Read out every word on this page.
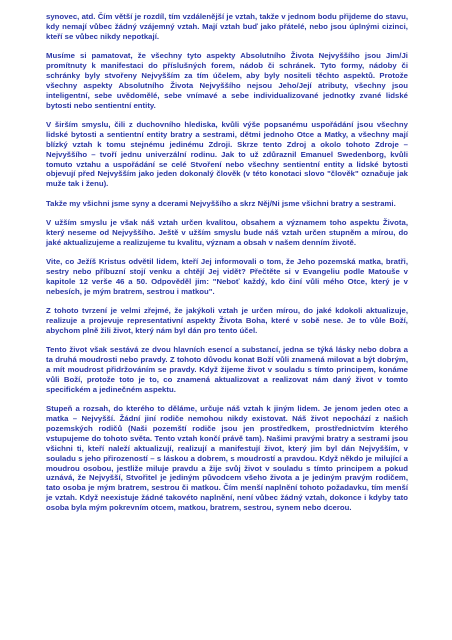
synovec, atd. Čím větší je rozdíl, tím vzdálenější je vztah, takže v jednom bodu přijdeme do stavu, kdy nemají vůbec žádný vzájemný vztah. Mají vztah buď jako přátelé, nebo jsou úplnými cizinci, kteří se vůbec nikdy nepotkají.

Musíme si pamatovat, že všechny tyto aspekty Absolutního Života Nejvyššího jsou Jim/Ji promítnuty k manifestaci do příslušných forem, nádob či schránek. Tyto formy, nádoby či schránky byly stvořeny Nejvyšším za tím účelem, aby byly nositeli těchto aspektů. Protože všechny aspekty Absolutního Života Nejvyššího nejsou Jeho/Její atributy, všechny jsou inteligentní, sebe uvědomělé, sebe vnímavé a sebe individualizované jednotky zvané lidské bytosti nebo sentientní entity.

V širším smyslu, čili z duchovního hlediska, kvůli výše popsanému uspořádání jsou všechny lidské bytosti a sentientní entity bratry a sestrami, dětmi jednoho Otce a Matky, a všechny mají blízký vztah k tomu stejnému jedinému Zdroji. Skrze tento Zdroj a okolo tohoto Zdroje – Nejvyššího – tvoří jednu univerzální rodinu. Jak to už zdůraznil Emanuel Swedenborg, kvůli tomuto vztahu a uspořádání se celé Stvoření nebo všechny sentientní entity a lidské bytosti objevují před Nejvyšším jako jeden dokonalý člověk (v této konotaci slovo "člověk" označuje jak muže tak i ženu).

Takže my všichni jsme syny a dcerami Nejvyššího a skrz Něj/Ni jsme všichni bratry a sestrami.

V užším smyslu je však náš vztah určen kvalitou, obsahem a významem toho aspektu Života, který neseme od Nejvyššího. Ještě v užším smyslu bude náš vztah určen stupněm a mírou, do jaké aktualizujeme a realizujeme tu kvalitu, význam a obsah v našem denním životě.

Vite, co Ježíš Kristus odvětil lidem, kteří Jej informovali o tom, že Jeho pozemská matka, bratři, sestry nebo příbuzní stojí venku a chtějí Jej vidět? Přečtěte si v Evangeliu podle Matouše v kapitole 12 verše 46 a 50. Odpověděl jim: "Neboť každý, kdo činí vůli mého Otce, který je v nebesích, je mým bratrem, sestrou i matkou".

Z tohoto tvrzení je velmi zřejmé, že jakýkoli vztah je určen mírou, do jaké kdokoli aktualizuje, realizuje a projevuje representativní aspekty Života Boha, které v sobě nese. Je to vůle Boží, abychom plně žili život, který nám byl dán pro tento účel.

Tento život však sestává ze dvou hlavních esencí a substancí, jedna se týká lásky nebo dobra a ta druhá moudrosti nebo pravdy. Z tohoto důvodu konat Boží vůli znamená milovat a být dobrým, a mít moudrost přidržováním se pravdy. Když žijeme život v souladu s tímto principem, konáme vůli Boží, protože toto je to, co znamená aktualizovat a realizovat nám daný život v tomto specifickém a jedinečném aspektu.

Stupeň a rozsah, do kterého to děláme, určuje náš vztah k jiným lidem. Je jenom jeden otec a matka – Nejvyšší. Žádní jiní rodiče nemohou nikdy existovat. Náš život nepochází z našich pozemských rodičů (Naši pozemští rodiče jsou jen prostředkem, prostřednictvím kterého vstupujeme do tohoto světa. Tento vztah končí právě tam). Našimi pravými bratry a sestrami jsou všichni ti, kteří naleží aktualizují, realizují a manifestují život, který jim byl dán Nejvyšším, v souladu s jeho přirozeností – s láskou a dobrem, s moudrostí a pravdou. Když někdo je milující a moudrou osobou, jestliže miluje pravdu a žije svůj život v souladu s tímto principem a pokud uznává, že Nejvyšší, Stvořitel je jediným původcem všeho života a je jediným pravým rodičem, tato osoba je mým bratrem, sestrou či matkou. Čím menší naplnění tohoto požadavku, tím menší je vztah. Když neexistuje žádné takovéto naplnění, není vůbec žádný vztah, dokonce i kdyby tato osoba byla mým pokrevním otcem, matkou, bratrem, sestrou, synem nebo dcerou.
